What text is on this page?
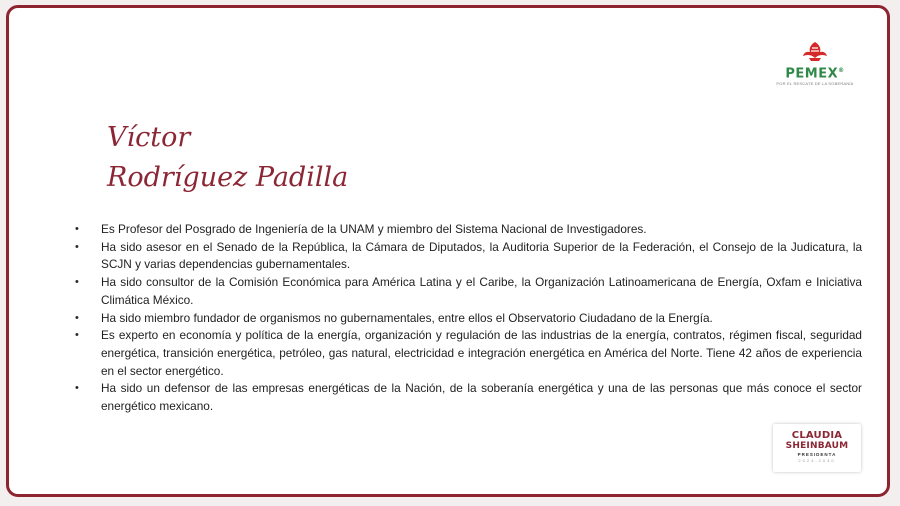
PEMEX®
POR EL RESCATE DE LA SOBERANÍA
Víctor
Rodríguez Padilla
• Es Profesor del Posgrado de Ingeniería de la UNAM y miembro del Sistema Nacional de Investigadores.
• Ha sido asesor en el Senado de la República, la Cámara de Diputados, la Auditoria Superior de la Federación, el Consejo de la Judicatura, la SCJN y varias dependencias gubernamentales.
• Ha sido consultor de la Comisión Económica para América Latina y el Caribe, la Organización Latinoamericana de Energía, Oxfam e Iniciativa Climática México.
• Ha sido miembro fundador de organismos no gubernamentales, entre ellos el Observatorio Ciudadano de la Energía.
• Es experto en economía y política de la energía, organización y regulación de las industrias de la energía, contratos, régimen fiscal, seguridad energética, transición energética, petróleo, gas natural, electricidad e integración energética en América del Norte. Tiene 42 años de experiencia en el sector energético.
• Ha sido un defensor de las empresas energéticas de la Nación, de la soberanía energética y una de las personas que más conoce el sector energético mexicano.
CLAUDIA
SHEINBAUM
PRESIDENTA
2024-2030
